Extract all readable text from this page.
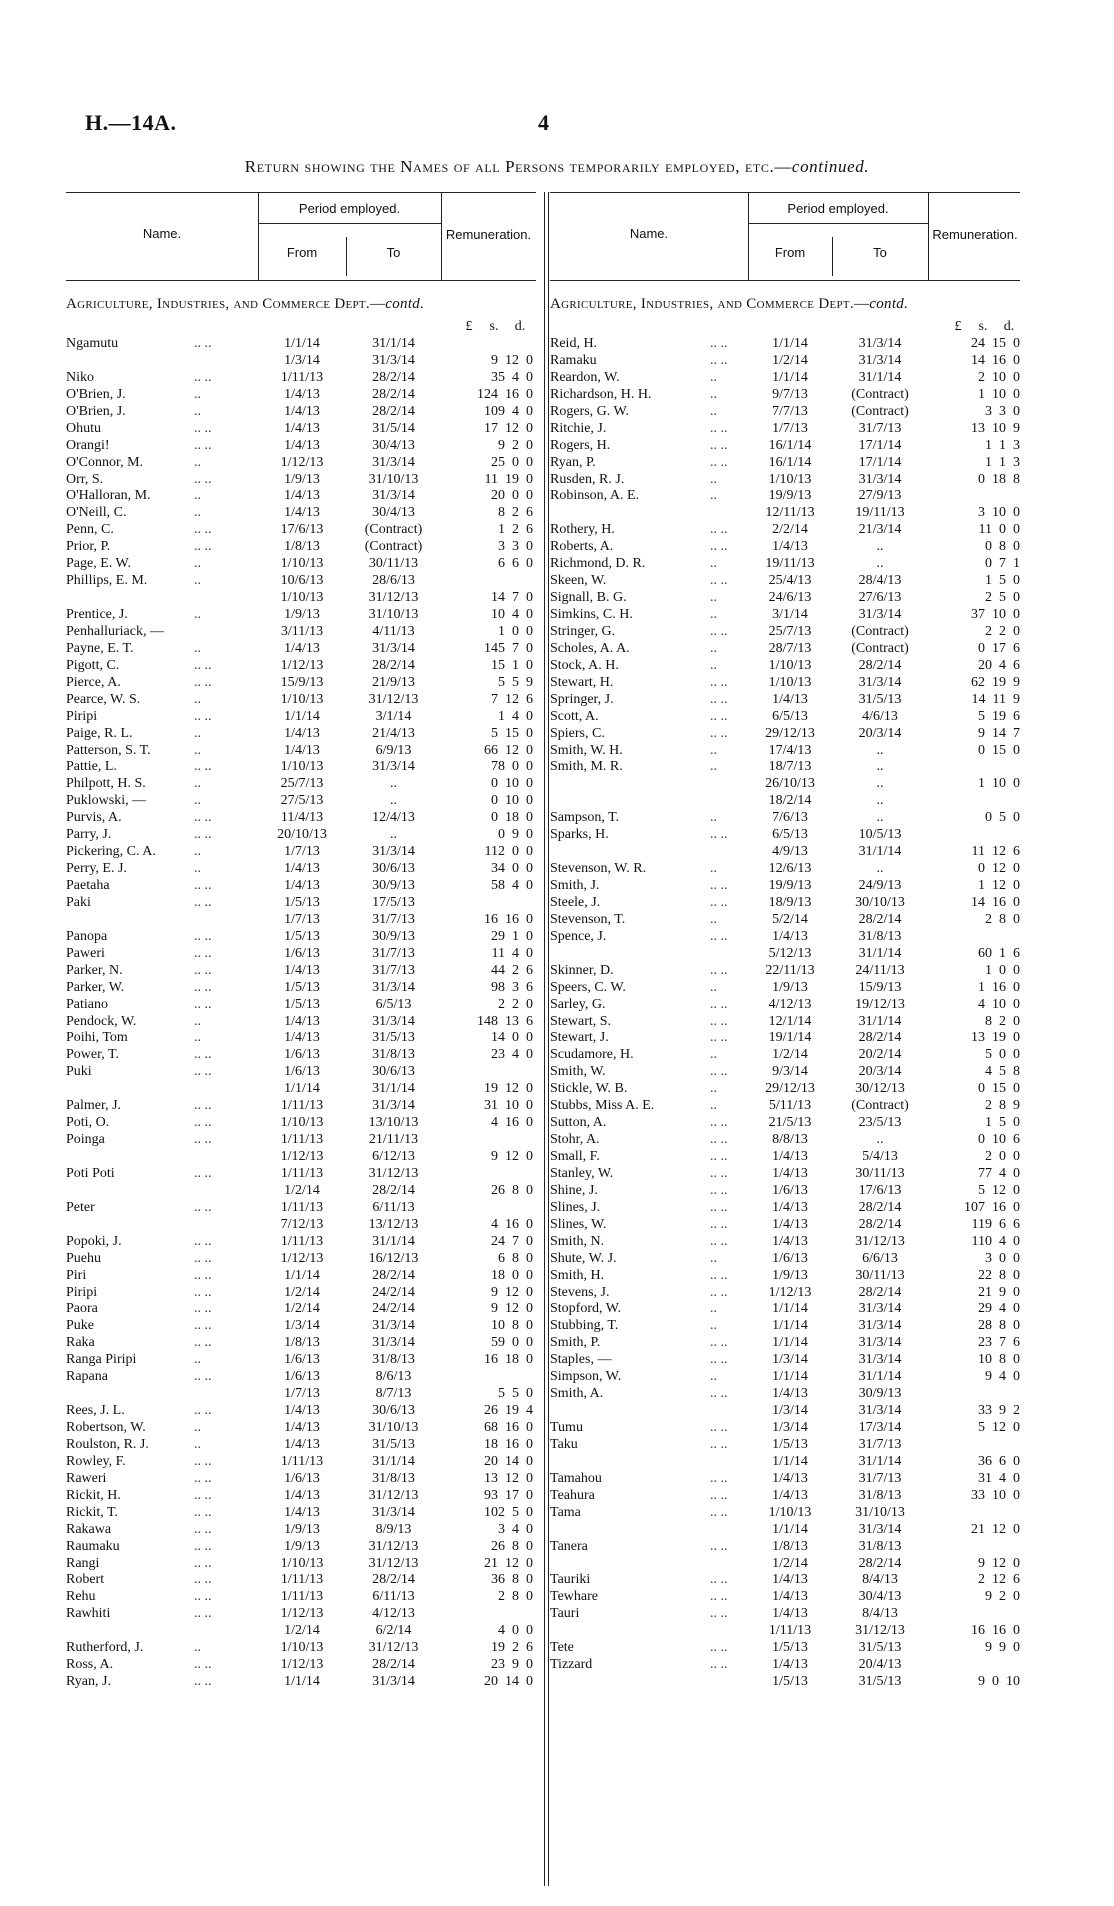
H.—14A.	4
Return showing the Names of all Persons temporarily employed, etc.—continued.
Name.
Period employed.
From	To
Remuneration.
Agriculture, Industries, and Commerce Dept.—contd.
£	s. d.
Ngamutu	.. ..	1/1/14	31/1/14
1/3/14	31/3/14	9  12  0
Niko	.. ..	1/11/13	28/2/14	35  4  0
O'Brien, J.	..	1/4/13	28/2/14	124  16  0
O'Brien, J.	..	1/4/13	28/2/14	109  4  0
Ohutu	.. ..	1/4/13	31/5/14	17  12  0
Orangi!	.. ..	1/4/13	30/4/13	9  2  0
O'Connor, M.	..	1/12/13	31/3/14	25  0  0
Orr, S.	.. ..	1/9/13	31/10/13	11  19  0
O'Halloran, M.	..	1/4/13	31/3/14	20  0  0
O'Neill, C.	..	1/4/13	30/4/13	8  2  6
Penn, C.	.. ..	17/6/13	(Contract)	1  2  6
Prior, P.	.. ..	1/8/13	(Contract)	3  3  0
Page, E. W.	..	1/10/13	30/11/13	6  6  0
Phillips, E. M.	..	10/6/13	28/6/13
1/10/13	31/12/13	14  7  0
Prentice, J.	..	1/9/13	31/10/13	10  4  0
Penhalluriack, —	3/11/13	4/11/13	1  0  0
Payne, E. T.	..	1/4/13	31/3/14	145  7  0
Pigott, C.	.. ..	1/12/13	28/2/14	15  1  0
Pierce, A.	.. ..	15/9/13	21/9/13	5  5  9
Pearce, W. S.	..	1/10/13	31/12/13	7  12  6
Piripi	.. ..	1/1/14	3/1/14	1  4  0
Paige, R. L.	..	1/4/13	21/4/13	5  15  0
Patterson, S. T.	..	1/4/13	6/9/13	66  12  0
Pattie, L.	.. ..	1/10/13	31/3/14	78  0  0
Philpott, H. S.	..	25/7/13	..	0  10  0
Puklowski, —	..	27/5/13	..	0  10  0
Purvis, A.	.. ..	11/4/13	12/4/13	0  18  0
Parry, J.	.. ..	20/10/13	..	0  9  0
Pickering, C. A.	..	1/7/13	31/3/14	112  0  0
Perry, E. J.	..	1/4/13	30/6/13	34  0  0
Paetaha	.. ..	1/4/13	30/9/13	58  4  0
Paki	.. ..	1/5/13	17/5/13
1/7/13	31/7/13	16  16  0
Panopa	.. ..	1/5/13	30/9/13	29  1  0
Paweri	.. ..	1/6/13	31/7/13	11  4  0
Parker, N.	.. ..	1/4/13	31/7/13	44  2  6
Parker, W.	.. ..	1/5/13	31/3/14	98  3  6
Patiano	.. ..	1/5/13	6/5/13	2  2  0
Pendock, W.	..	1/4/13	31/3/14	148  13  6
Poihi, Tom	..	1/4/13	31/5/13	14  0  0
Power, T.	.. ..	1/6/13	31/8/13	23  4  0
Puki	.. ..	1/6/13	30/6/13
1/1/14	31/1/14	19  12  0
Palmer, J.	.. ..	1/11/13	31/3/14	31  10  0
Poti, O.	.. ..	1/10/13	13/10/13	4  16  0
Poinga	.. ..	1/11/13	21/11/13
1/12/13	6/12/13	9  12  0
Poti Poti	.. ..	1/11/13	31/12/13
1/2/14	28/2/14	26  8  0
Peter	.. ..	1/11/13	6/11/13
7/12/13	13/12/13	4  16  0
Popoki, J.	.. ..	1/11/13	31/1/14	24  7  0
Puehu	.. ..	1/12/13	16/12/13	6  8  0
Piri	.. ..	1/1/14	28/2/14	18  0  0
Piripi	.. ..	1/2/14	24/2/14	9  12  0
Paora	.. ..	1/2/14	24/2/14	9  12  0
Puke	.. ..	1/3/14	31/3/14	10  8  0
Raka	.. ..	1/8/13	31/3/14	59  0  0
Ranga Piripi	..	1/6/13	31/8/13	16  18  0
Rapana	.. ..	1/6/13	8/6/13
1/7/13	8/7/13	5  5  0
Rees, J. L.	.. ..	1/4/13	30/6/13	26  19  4
Robertson, W.	..	1/4/13	31/10/13	68  16  0
Roulston, R. J.	..	1/4/13	31/5/13	18  16  0
Rowley, F.	.. ..	1/11/13	31/1/14	20  14  0
Raweri	.. ..	1/6/13	31/8/13	13  12  0
Rickit, H.	.. ..	1/4/13	31/12/13	93  17  0
Rickit, T.	.. ..	1/4/13	31/3/14	102  5  0
Rakawa	.. ..	1/9/13	8/9/13	3  4  0
Raumaku	.. ..	1/9/13	31/12/13	26  8  0
Rangi	.. ..	1/10/13	31/12/13	21  12  0
Robert	.. ..	1/11/13	28/2/14	36  8  0
Rehu	.. ..	1/11/13	6/11/13	2  8  0
Rawhiti	.. ..	1/12/13	4/12/13
1/2/14	6/2/14	4  0  0
Rutherford, J.	..	1/10/13	31/12/13	19  2  6
Ross, A.	.. ..	1/12/13	28/2/14	23  9  0
Ryan, J.	.. ..	1/1/14	31/3/14	20  14  0
Name.
Period employed.
From	To
Remuneration.
Agriculture, Industries, and Commerce Dept.—contd.
£	s. d.
Reid, H.	.. ..	1/1/14	31/3/14	24  15  0
Ramaku	.. ..	1/2/14	31/3/14	14  16  0
Reardon, W.	..	1/1/14	31/1/14	2  10  0
Richardson, H. H.	..	9/7/13	(Contract)	1  10  0
Rogers, G. W.	..	7/7/13	(Contract)	3  3  0
Ritchie, J.	.. ..	1/7/13	31/7/13	13  10  9
Rogers, H.	.. ..	16/1/14	17/1/14	1  1  3
Ryan, P.	.. ..	16/1/14	17/1/14	1  1  3
Rusden, R. J.	..	1/10/13	31/3/14	0  18  8
Robinson, A. E.	..	19/9/13	27/9/13
12/11/13	19/11/13	3  10  0
Rothery, H.	.. ..	2/2/14	21/3/14	11  0  0
Roberts, A.	.. ..	1/4/13	..	0  8  0
Richmond, D. R.	..	19/11/13	..	0  7  1
Skeen, W.	.. ..	25/4/13	28/4/13	1  5  0
Signall, B. G.	..	24/6/13	27/6/13	2  5  0
Simkins, C. H.	..	3/1/14	31/3/14	37  10  0
Stringer, G.	.. ..	25/7/13	(Contract)	2  2  0
Scholes, A. A.	..	28/7/13	(Contract)	0  17  6
Stock, A. H.	..	1/10/13	28/2/14	20  4  6
Stewart, H.	.. ..	1/10/13	31/3/14	62  19  9
Springer, J.	.. ..	1/4/13	31/5/13	14  11  9
Scott, A.	.. ..	6/5/13	4/6/13	5  19  6
Spiers, C.	.. ..	29/12/13	20/3/14	9  14  7
Smith, W. H.	..	17/4/13	..	0  15  0
Smith, M. R.	..	18/7/13	..
26/10/13	..	1  10  0
18/2/14	..
Sampson, T.	..	7/6/13	..	0  5  0
Sparks, H.	.. ..	6/5/13	10/5/13
4/9/13	31/1/14	11  12  6
Stevenson, W. R.	..	12/6/13	..	0  12  0
Smith, J.	.. ..	19/9/13	24/9/13	1  12  0
Steele, J.	.. ..	18/9/13	30/10/13	14  16  0
Stevenson, T.	..	5/2/14	28/2/14	2  8  0
Spence, J.	.. ..	1/4/13	31/8/13
5/12/13	31/1/14	60  1  6
Skinner, D.	.. ..	22/11/13	24/11/13	1  0  0
Speers, C. W.	..	1/9/13	15/9/13	1  16  0
Sarley, G.	.. ..	4/12/13	19/12/13	4  10  0
Stewart, S.	.. ..	12/1/14	31/1/14	8  2  0
Stewart, J.	.. ..	19/1/14	28/2/14	13  19  0
Scudamore, H.	..	1/2/14	20/2/14	5  0  0
Smith, W.	.. ..	9/3/14	20/3/14	4  5  8
Stickle, W. B.	..	29/12/13	30/12/13	0  15  0
Stubbs, Miss A. E.	..	5/11/13	(Contract)	2  8  9
Sutton, A.	.. ..	21/5/13	23/5/13	1  5  0
Stohr, A.	.. ..	8/8/13	..	0  10  6
Small, F.	.. ..	1/4/13	5/4/13	2  0  0
Stanley, W.	.. ..	1/4/13	30/11/13	77  4  0
Shine, J.	.. ..	1/6/13	17/6/13	5  12  0
Slines, J.	.. ..	1/4/13	28/2/14	107  16  0
Slines, W.	.. ..	1/4/13	28/2/14	119  6  6
Smith, N.	.. ..	1/4/13	31/12/13	110  4  0
Shute, W. J.	..	1/6/13	6/6/13	3  0  0
Smith, H.	.. ..	1/9/13	30/11/13	22  8  0
Stevens, J.	.. ..	1/12/13	28/2/14	21  9  0
Stopford, W.	..	1/1/14	31/3/14	29  4  0
Stubbing, T.	..	1/1/14	31/3/14	28  8  0
Smith, P.	.. ..	1/1/14	31/3/14	23  7  6
Staples, —	.. ..	1/3/14	31/3/14	10  8  0
Simpson, W.	..	1/1/14	31/1/14	9  4  0
Smith, A.	.. ..	1/4/13	30/9/13
1/3/14	31/3/14	33  9  2
Tumu	.. ..	1/3/14	17/3/14	5  12  0
Taku	.. ..	1/5/13	31/7/13
1/1/14	31/1/14	36  6  0
Tamahou	.. ..	1/4/13	31/7/13	31  4  0
Teahura	.. ..	1/4/13	31/8/13	33  10  0
Tama	.. ..	1/10/13	31/10/13
1/1/14	31/3/14	21  12  0
Tanera	.. ..	1/8/13	31/8/13
1/2/14	28/2/14	9  12  0
Tauriki	.. ..	1/4/13	8/4/13	2  12  6
Tewhare	.. ..	1/4/13	30/4/13	9  2  0
Tauri	.. ..	1/4/13	8/4/13
1/11/13	31/12/13	16  16  0
Tete	.. ..	1/5/13	31/5/13	9  9  0
Tizzard	.. ..	1/4/13	20/4/13
1/5/13	31/5/13	9  0  10
